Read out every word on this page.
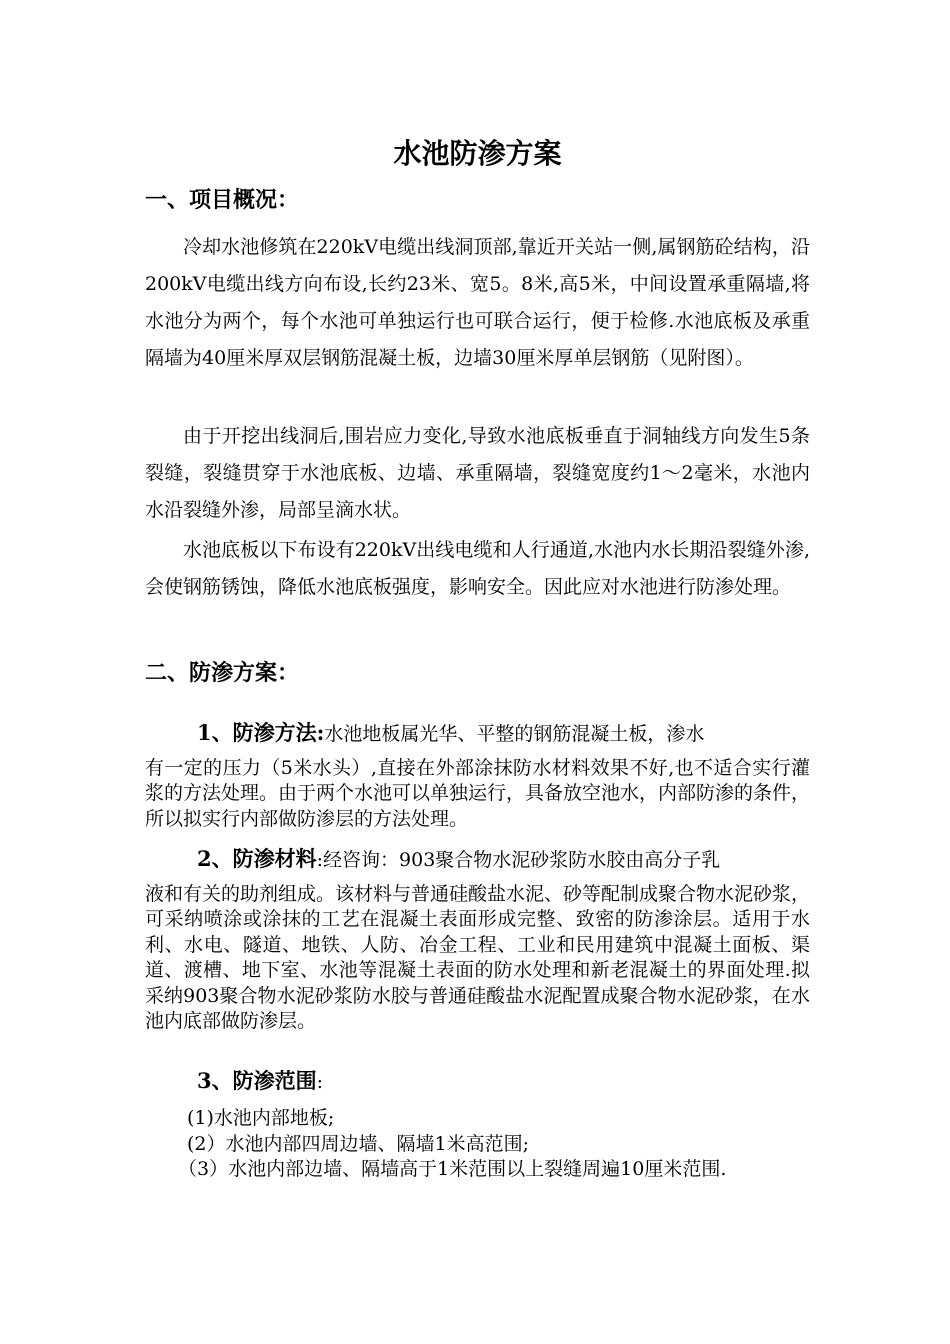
水池防渗方案
一、项目概况：
冷却水池修筑在220kV电缆出线洞顶部,靠近开关站一侧,属钢筋砼结构，沿200kV电缆出线方向布设,长约23米、宽5。8米,高5米，中间设置承重隔墙,将水池分为两个，每个水池可单独运行也可联合运行，便于检修.水池底板及承重隔墙为40厘米厚双层钢筋混凝土板，边墙30厘米厚单层钢筋（见附图）。
由于开挖出线洞后,围岩应力变化,导致水池底板垂直于洞轴线方向发生5条裂缝，裂缝贯穿于水池底板、边墙、承重隔墙，裂缝宽度约1～2毫米，水池内水沿裂缝外渗，局部呈滴水状。
水池底板以下布设有220kV出线电缆和人行通道,水池内水长期沿裂缝外渗,会使钢筋锈蚀，降低水池底板强度，影响安全。因此应对水池进行防渗处理。
二、防渗方案：
1、防渗方法:水池地板属光华、平整的钢筋混凝土板，渗水
有一定的压力（5米水头）,直接在外部涂抹防水材料效果不好,也不适合实行灌浆的方法处理。由于两个水池可以单独运行，具备放空池水，内部防渗的条件，所以拟实行内部做防渗层的方法处理。
2、防渗材料:经咨询：903聚合物水泥砂浆防水胶由高分子乳
液和有关的助剂组成。该材料与普通硅酸盐水泥、砂等配制成聚合物水泥砂浆，可采纳喷涂或涂抹的工艺在混凝土表面形成完整、致密的防渗涂层。适用于水利、水电、隧道、地铁、人防、冶金工程、工业和民用建筑中混凝土面板、渠道、渡槽、地下室、水池等混凝土表面的防水处理和新老混凝土的界面处理.拟采纳903聚合物水泥砂浆防水胶与普通硅酸盐水泥配置成聚合物水泥砂浆，在水池内底部做防渗层。
3、防渗范围:
(1)水池内部地板;
(2）水池内部四周边墙、隔墙1米高范围;
（3）水池内部边墙、隔墙高于1米范围以上裂缝周遍10厘米范围.
